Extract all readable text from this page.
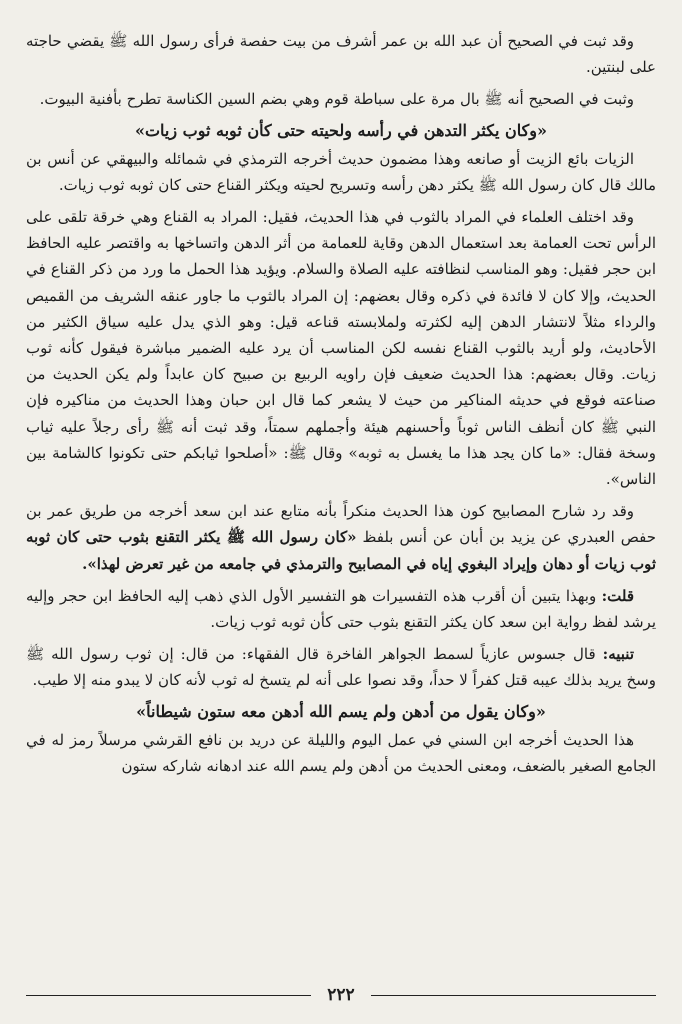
وقد ثبت في الصحيح أن عبد الله بن عمر أشرف من بيت حفصة فرأى رسول الله ﷺ يقضي حاجته على لبنتين.

وثبت في الصحيح أنه ﷺ بال مرة على سباطة قوم وهي بضم السين الكناسة تطرح بأفنية البيوت.

«وكان يكثر التدهن في رأسه ولحيته حتى كأن ثوبه ثوب زيات»

الزيات بائع الزيت أو صانعه وهذا مضمون حديث أخرجه الترمذي في شمائله والبيهقي عن أنس بن مالك قال كان رسول الله ﷺ يكثر دهن رأسه وتسريح لحيته ويكثر القناع حتى كان ثوبه ثوب زيات.

وقد اختلف العلماء في المراد بالثوب في هذا الحديث، فقيل: المراد به القناع وهي خرقة تلقى على الرأس تحت العمامة بعد استعمال الدهن وقاية للعمامة من أثر الدهن واتساخها به واقتصر عليه الحافظ ابن حجر فقيل: وهو المناسب لنظافته عليه الصلاة والسلام. ويؤيد هذا الحمل ما ورد من ذكر القناع في الحديث، وإلا كان لا فائدة في ذكره وقال بعضهم: إن المراد بالثوب ما جاور عنقه الشريف من القميص والرداء مثلاً لانتشار الدهن إليه لكثرته ولملابسته قناعه قيل: وهو الذي يدل عليه سياق الكثير من الأحاديث، ولو أريد بالثوب القناع نفسه لكن المناسب أن يرد عليه الضمير مباشرة فيقول كأنه ثوب زيات. وقال بعضهم: هذا الحديث ضعيف فإن راويه الربيع بن صبيح كان عابداً ولم يكن الحديث من صناعته فوقع في حديثه المناكير من حيث لا يشعر كما قال ابن حبان وهذا الحديث من مناكيره فإن النبي ﷺ كان أنظف الناس ثوباً وأحسنهم هيئة وأجملهم سمتاً، وقد ثبت أنه ﷺ رأى رجلاً عليه ثياب وسخة فقال: «ما كان يجد هذا ما يغسل به ثوبه» وقال ﷺ: «أصلحوا ثيابكم حتى تكونوا كالشامة بين الناس».

وقد رد شارح المصابيح كون هذا الحديث منكراً بأنه متابع عند ابن سعد أخرجه من طريق عمر بن حفص العبدري عن يزيد بن أبان عن أنس بلفظ «كان رسول الله ﷺ يكثر التقنع بثوب حتى كان ثوبه ثوب زيات أو دهان وإيراد البغوي إياه في المصابيح والترمذي في جامعه من غير تعرض لهذا».

قلت: وبهذا يتبين أن أقرب هذه التفسيرات هو التفسير الأول الذي ذهب إليه الحافظ ابن حجر وإليه يرشد لفظ رواية ابن سعد كان يكثر التقنع بثوب حتى كأن ثوبه ثوب زيات.

تنبيه: قال جسوس عازياً لسمط الجواهر الفاخرة قال الفقهاء: من قال: إن ثوب رسول الله ﷺ وسخ يريد بذلك عيبه قتل كفراً لا حداً، وقد نصوا على أنه لم يتسخ له ثوب لأنه كان لا يبدو منه إلا طيب.

«وكان يقول من أدهن ولم يسم الله أدهن معه ستون شيطاناً»

هذا الحديث أخرجه ابن السني في عمل اليوم والليلة عن دريد بن نافع القرشي مرسلاً رمز له في الجامع الصغير بالضعف، ومعنى الحديث من أدهن ولم يسم الله عند ادهانه شاركه ستون

٢٢٢
